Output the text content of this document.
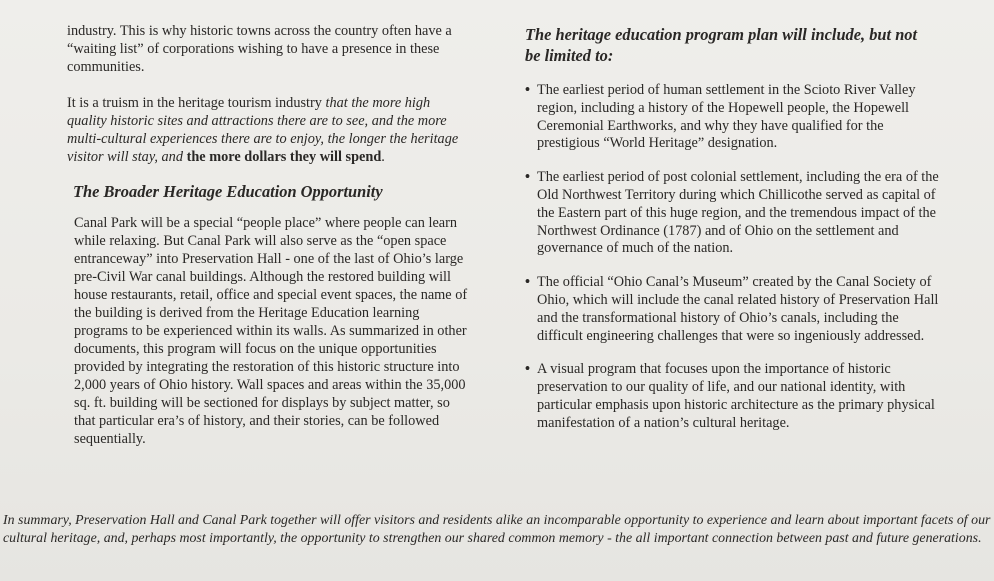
industry. This is why historic towns across the country often have a “waiting list” of corporations wishing to have a presence in these communities.

It is a truism in the heritage tourism industry that the more high quality historic sites and attractions there are to see, and the more multi-cultural experiences there are to enjoy, the longer the heritage visitor will stay, and the more dollars they will spend.

The Broader Heritage Education Opportunity

Canal Park will be a special “people place” where people can learn while relaxing. But Canal Park will also serve as the “open space entranceway” into Preservation Hall - one of the last of Ohio’s large pre-Civil War canal buildings. Although the restored building will house restaurants, retail, office and special event spaces, the name of the building is derived from the Heritage Education learning programs to be experienced within its walls. As summarized in other documents, this program will focus on the unique opportunities provided by integrating the restoration of this historic structure into 2,000 years of Ohio history. Wall spaces and areas within the 35,000 sq. ft. building will be sectioned for displays by subject matter, so that particular era’s of history, and their stories, can be followed sequentially.

The heritage education program plan will include, but not be limited to:

• The earliest period of human settlement in the Scioto River Valley region, including a history of the Hopewell people, the Hopewell Ceremonial Earthworks, and why they have qualified for the prestigious “World Heritage” designation.
• The earliest period of post colonial settlement, including the era of the Old Northwest Territory during which Chillicothe served as capital of the Eastern part of this huge region, and the tremendous impact of the Northwest Ordinance (1787) and of Ohio on the settlement and governance of much of the nation.
• The official “Ohio Canal’s Museum” created by the Canal Society of Ohio, which will include the canal related history of Preservation Hall and the transformational history of Ohio’s canals, including the difficult engineering challenges that were so ingeniously addressed.
• A visual program that focuses upon the importance of historic preservation to our quality of life, and our national identity, with particular emphasis upon historic architecture as the primary physical manifestation of a nation’s cultural heritage.

In summary, Preservation Hall and Canal Park together will offer visitors and residents alike an incomparable opportunity to experience and learn about important facets of our cultural heritage, and, perhaps most importantly, the opportunity to strengthen our shared common memory - the all important connection between past and future generations.
